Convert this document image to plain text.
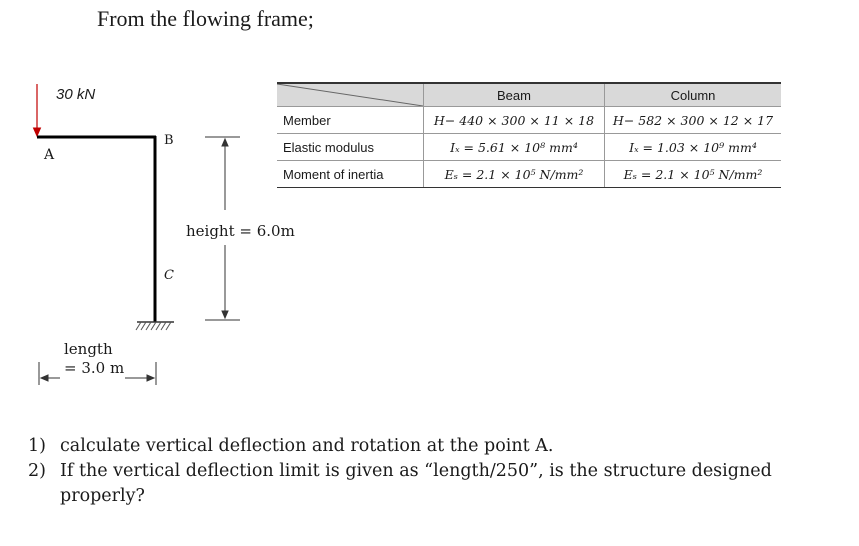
From the flowing frame;
30 kN
A
B
C
height = 6.0m
length
= 3.0 m
	Beam	Column
Member	H− 440 × 300 × 11 × 18	H− 582 × 300 × 12 × 17
Elastic modulus	Iₓ = 5.61 × 10⁸ mm⁴	Iₓ = 1.03 × 10⁹ mm⁴
Moment of inertia	Eₛ = 2.1 × 10⁵ N/mm²	Eₛ = 2.1 × 10⁵ N/mm²
1) calculate vertical deflection and rotation at the point A.
2) If the vertical deflection limit is given as “length/250”, is the structure designed
properly?
